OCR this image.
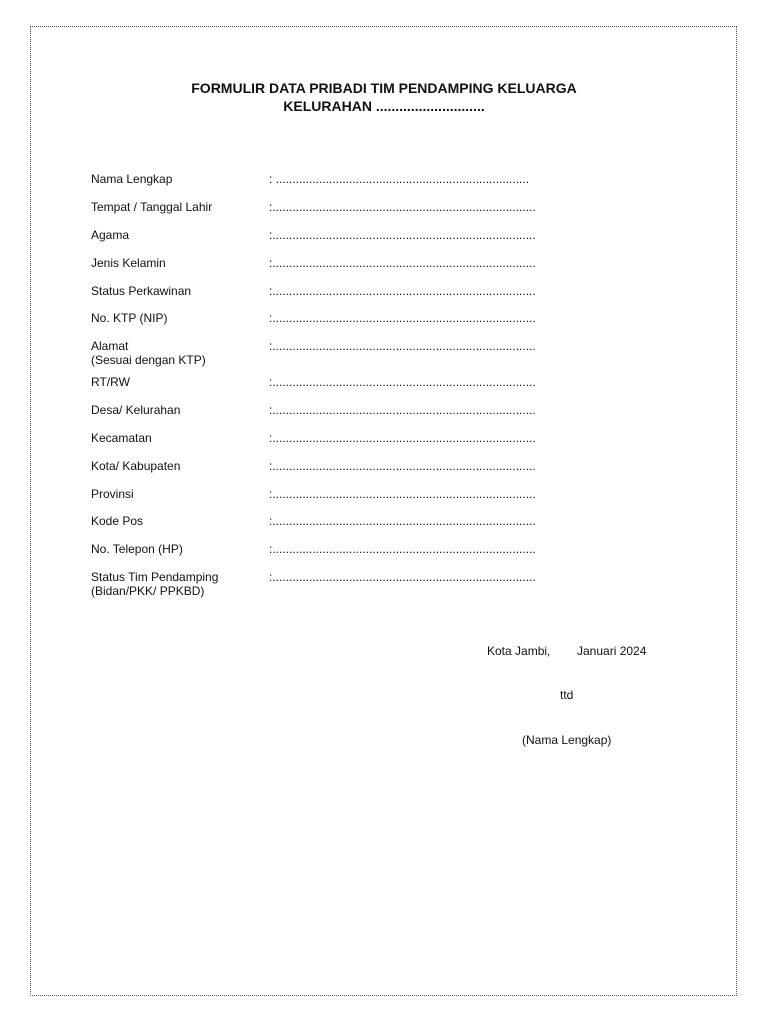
FORMULIR DATA PRIBADI TIM PENDAMPING KELUARGA
KELURAHAN ............................
Nama Lengkap	: ............................................................................
Tempat / Tanggal Lahir	:...............................................................................
Agama	:...............................................................................
Jenis Kelamin	:...............................................................................
Status Perkawinan	:...............................................................................
No. KTP (NIP)	:...............................................................................
Alamat
(Sesuai dengan KTP)
:...............................................................................
RT/RW	:...............................................................................
Desa/ Kelurahan	:...............................................................................
Kecamatan	:...............................................................................
Kota/ Kabupaten	:...............................................................................
Provinsi	:...............................................................................
Kode Pos	:...............................................................................
No. Telepon (HP)	:...............................................................................
Status Tim Pendamping
(Bidan/PKK/ PPKBD)
:...............................................................................
Kota Jambi, Januari 2024
ttd
(Nama Lengkap)
